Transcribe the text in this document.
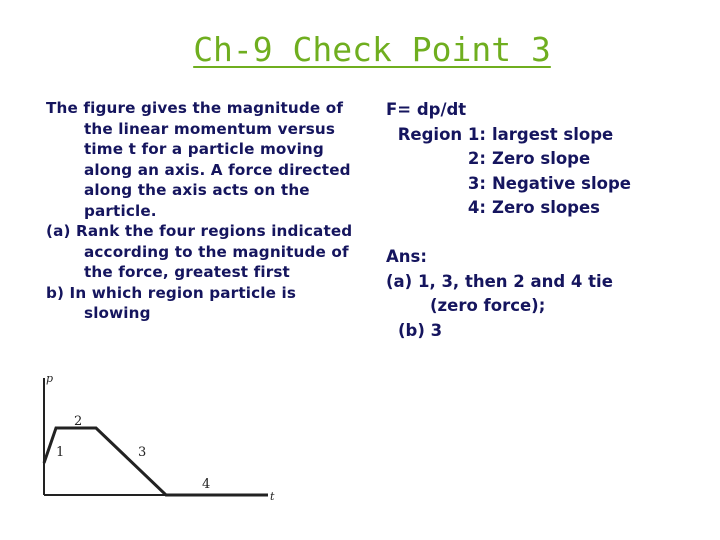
Ch-9 Check Point 3

The figure gives the magnitude of the linear momentum versus time t for a particle moving along an axis. A force directed along the axis acts on the particle.

(a) Rank the four regions indicated according to the magnitude of the force, greatest first

b) In which region particle is slowing

F= dp/dt
Region 1: largest slope
2: Zero slope
3: Negative slope
4: Zero slopes
Ans:
(a) 1, 3, then 2 and 4 tie
(zero force);
(b) 3
p
t
1
2
3
4
